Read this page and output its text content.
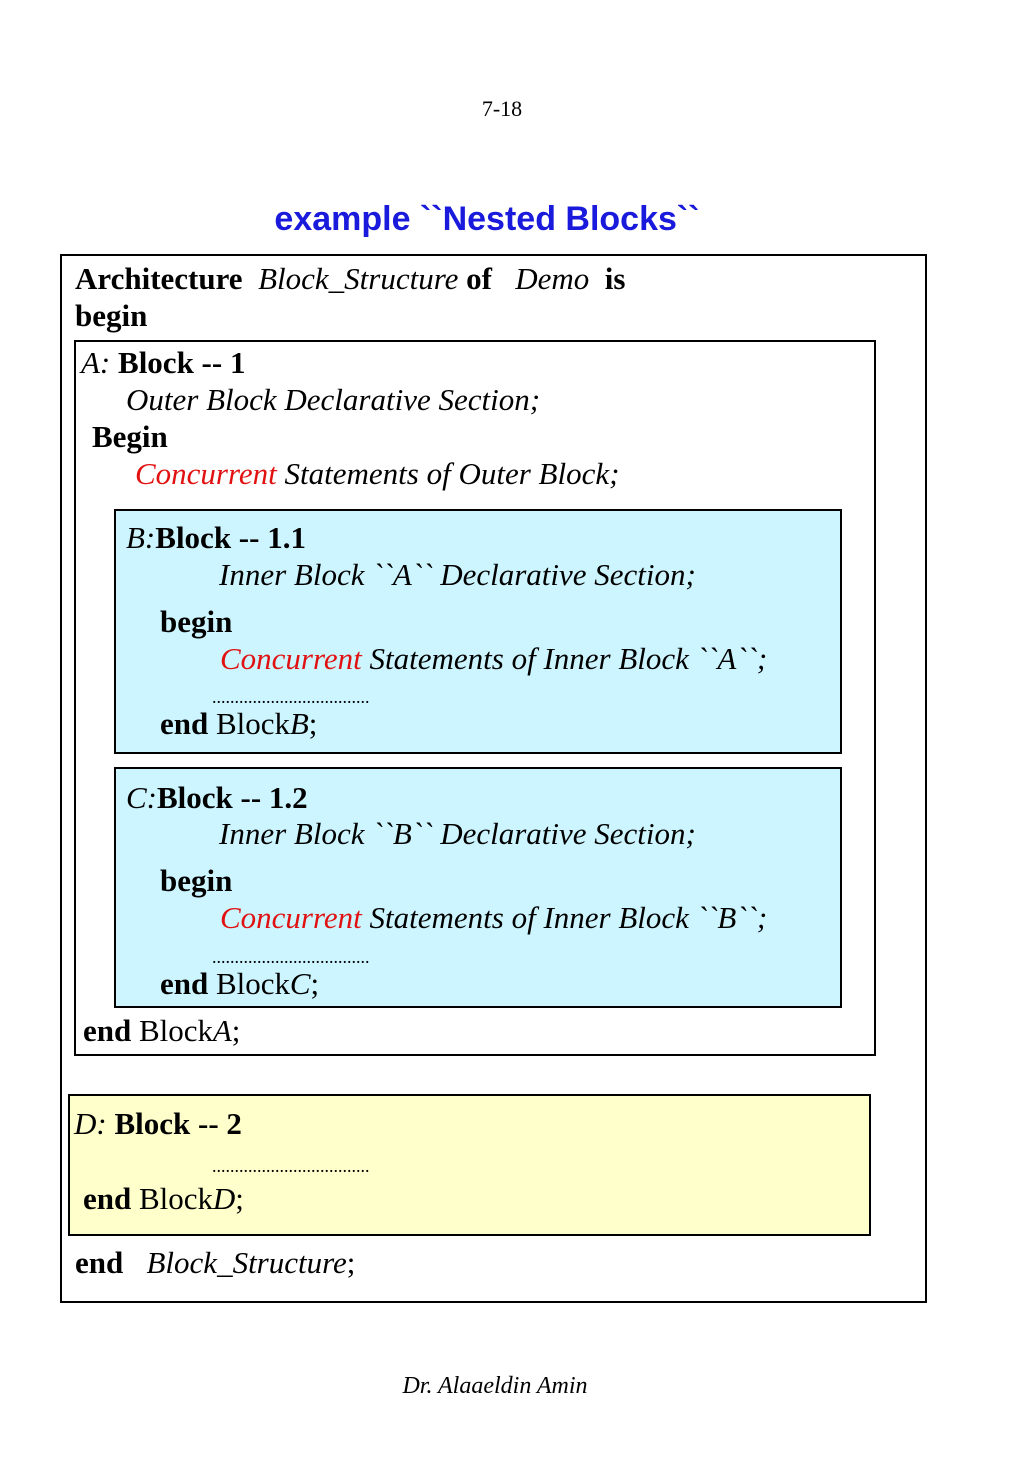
7-18
example ``Nested Blocks``
Architecture Block_Structure of Demo is
begin
A: Block -- 1
Outer Block Declarative Section;
Begin
Concurrent Statements of Outer Block;
B:Block -- 1.1
Inner Block ``A`` Declarative Section;
begin
Concurrent Statements of Inner Block ``A``;
...................................
end Block B;
C:Block -- 1.2
Inner Block ``B`` Declarative Section;
begin
Concurrent Statements of Inner Block ``B``;
...................................
end Block C;
end Block A;
D: Block -- 2
...................................
end Block D;
end Block_Structure;
Dr. Alaaeldin Amin
